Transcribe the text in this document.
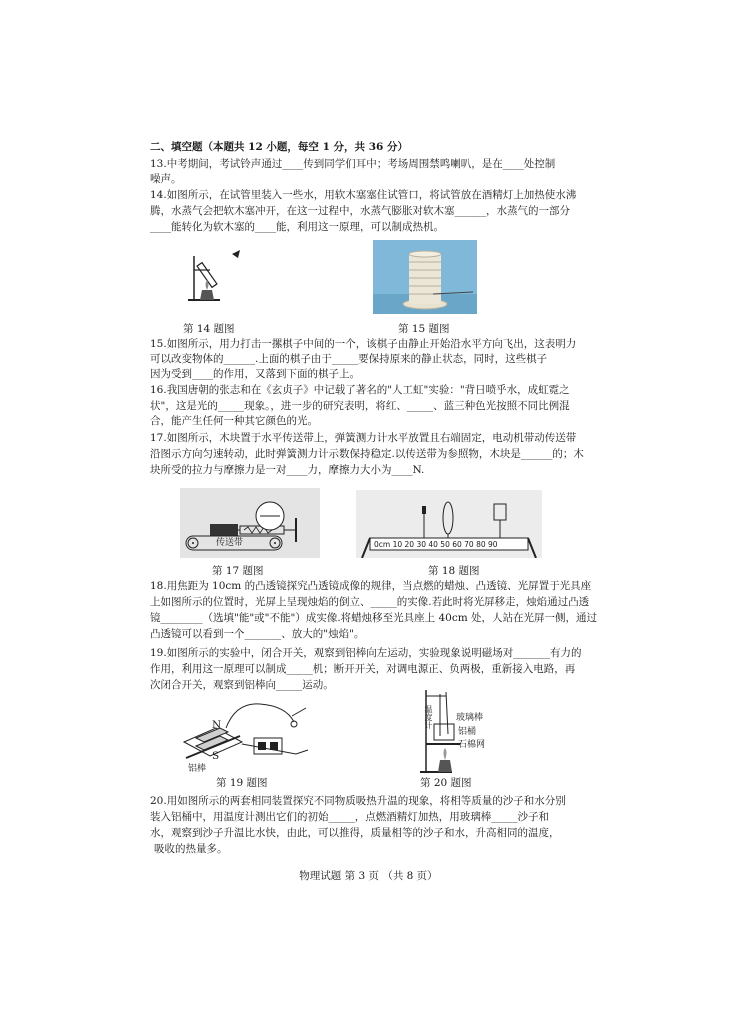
二、填空题（本题共 12 小题，每空 1 分，共 36 分）
13.中考期间，考试铃声通过____传到同学们耳中；考场周围禁鸣喇叭，是在____处控制
噪声。
14.如图所示，在试管里装入一些水，用软木塞塞住试管口，将试管放在酒精灯上加热使水沸
腾，水蒸气会把软木塞冲开，在这一过程中，水蒸气膨胀对软木塞______，水蒸气的一部分
____能转化为软木塞的____能，利用这一原理，可以制成热机。
第 14 题图	第 15 题图
15.如图所示，用力打击一摞棋子中间的一个，该棋子由静止开始沿水平方向飞出，这表明力
可以改变物体的______.上面的棋子由于_____要保持原来的静止状态，同时，这些棋子
因为受到____的作用，又落到下面的棋子上。
16.我国唐朝的张志和在《玄贞子》中记载了著名的"人工虹"实验："背日喷乎水，成虹霓之
状"，这是光的_____现象。，进一步的研究表明，将红、_____、蓝三种色光按照不同比例混
合，能产生任何一种其它颜色的光。
17.如图所示，木块置于水平传送带上，弹簧测力计水平放置且右端固定，电动机带动传送带
沿图示方向匀速转动，此时弹簧测力计示数保持稳定.以传送带为参照物，木块是______的；木
块所受的拉力与摩擦力是一对____力，摩擦力大小为____N.
传送带
第 17 题图
0cm 10 20 30 40 50 60 70 80 90
第 18 题图
18.用焦距为 10cm 的凸透镜探究凸透镜成像的规律，当点燃的蜡烛、凸透镜、光屏置于光具座
上如图所示的位置时，光屏上呈现烛焰的倒立、_____的实像.若此时将光屏移走，烛焰通过凸透
镜________（选填"能"或"不能"）成实像.将蜡烛移至光具座上 40cm 处，人站在光屏一侧，通过
凸透镜可以看到一个_______、放大的"烛焰"。
19.如图所示的实验中，闭合开关，观察到铝棒向左运动，实验现象说明磁场对_______有力的
作用，利用这一原理可以制成_____机；断开开关，对调电源正、负两极，重新接入电路，再
次闭合开关，观察到铝棒向_____运动。
N
S
铝棒
第 19 题图
温度计	玻璃棒
铝桶
石棉网
第 20 题图
20.用如图所示的两套相同装置探究不同物质吸热升温的现象，将相等质量的沙子和水分别
装入铝桶中，用温度计测出它们的初始_____，点燃酒精灯加热，用玻璃棒_____沙子和
水，观察到沙子升温比水快，由此，可以推得，质量相等的沙子和水，升高相同的温度，
吸收的热量多。
物理试题 第 3 页 （共 8 页）
